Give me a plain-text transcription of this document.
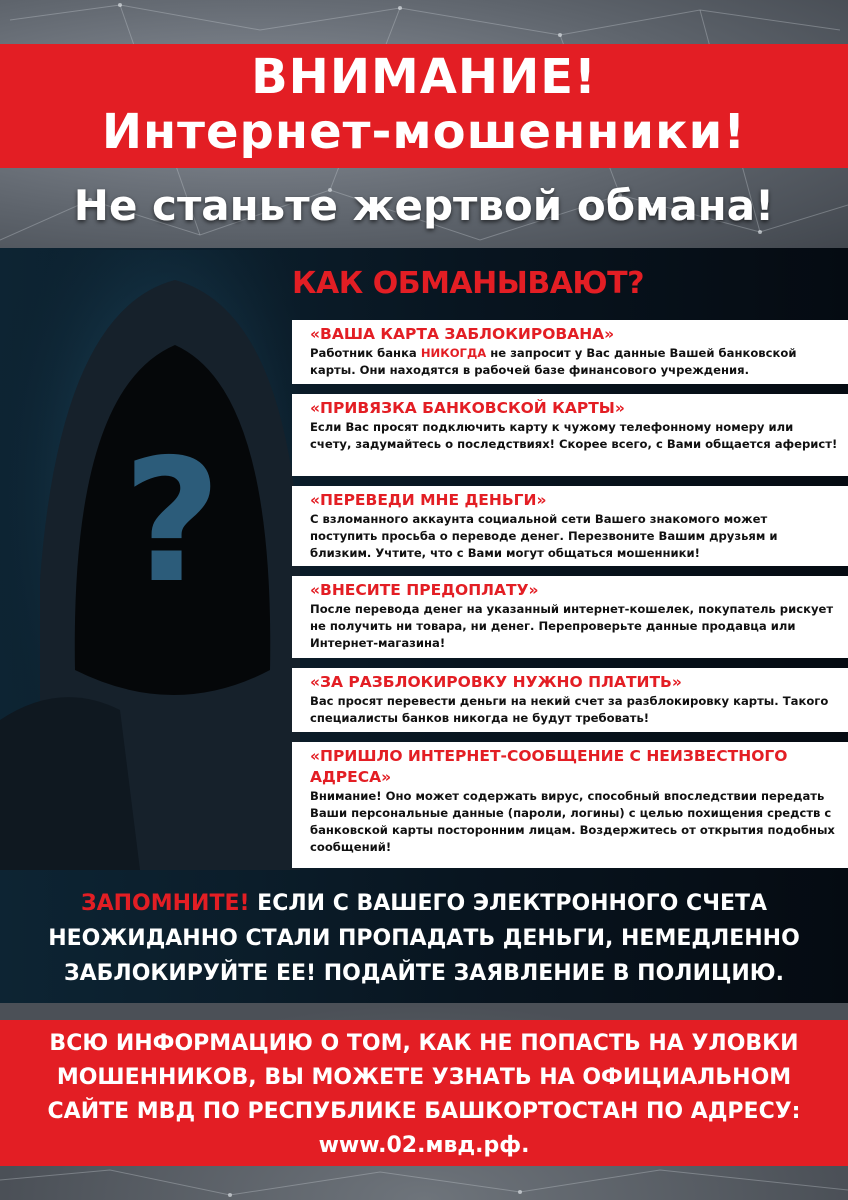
ВНИМАНИЕ!
Интернет-мошенники!
Не станьте жертвой обмана!
?
КАК ОБМАНЫВАЮТ?
«ВАША КАРТА ЗАБЛОКИРОВАНА»
Работник банка НИКОГДА не запросит у Вас данные Вашей банковской карты. Они находятся в рабочей базе финансового учреждения.
«ПРИВЯЗКА БАНКОВСКОЙ КАРТЫ»
Если Вас просят подключить карту к чужому телефонному номеру или счету, задумайтесь о последствиях! Скорее всего, с Вами общается аферист!
«ПЕРЕВЕДИ МНЕ ДЕНЬГИ»
С взломанного аккаунта социальной сети Вашего знакомого может поступить просьба о переводе денег. Перезвоните Вашим друзьям и близким. Учтите, что с Вами могут общаться мошенники!
«ВНЕСИТЕ ПРЕДОПЛАТУ»
После перевода денег на указанный интернет-кошелек, покупатель рискует не получить ни товара, ни денег. Перепроверьте данные продавца или Интернет-магазина!
«ЗА РАЗБЛОКИРОВКУ НУЖНО ПЛАТИТЬ»
Вас просят перевести деньги на некий счет за разблокировку карты. Такого специалисты банков никогда не будут требовать!
«ПРИШЛО ИНТЕРНЕТ-СООБЩЕНИЕ С НЕИЗВЕСТНОГО АДРЕСА»
Внимание! Оно может содержать вирус, способный впоследствии передать Ваши персональные данные (пароли, логины) с целью похищения средств с банковской карты посторонним лицам. Воздержитесь от открытия подобных сообщений!
ЗАПОМНИТЕ! ЕСЛИ С ВАШЕГО ЭЛЕКТРОННОГО СЧЕТА НЕОЖИДАННО СТАЛИ ПРОПАДАТЬ ДЕНЬГИ, НЕМЕДЛЕННО ЗАБЛОКИРУЙТЕ ЕЕ! ПОДАЙТЕ ЗАЯВЛЕНИЕ В ПОЛИЦИЮ.
ВСЮ ИНФОРМАЦИЮ О ТОМ, КАК НЕ ПОПАСТЬ НА УЛОВКИ
МОШЕННИКОВ, ВЫ МОЖЕТЕ УЗНАТЬ НА ОФИЦИАЛЬНОМ
САЙТЕ МВД ПО РЕСПУБЛИКЕ БАШКОРТОСТАН ПО АДРЕСУ:
www.02.мвд.рф.
